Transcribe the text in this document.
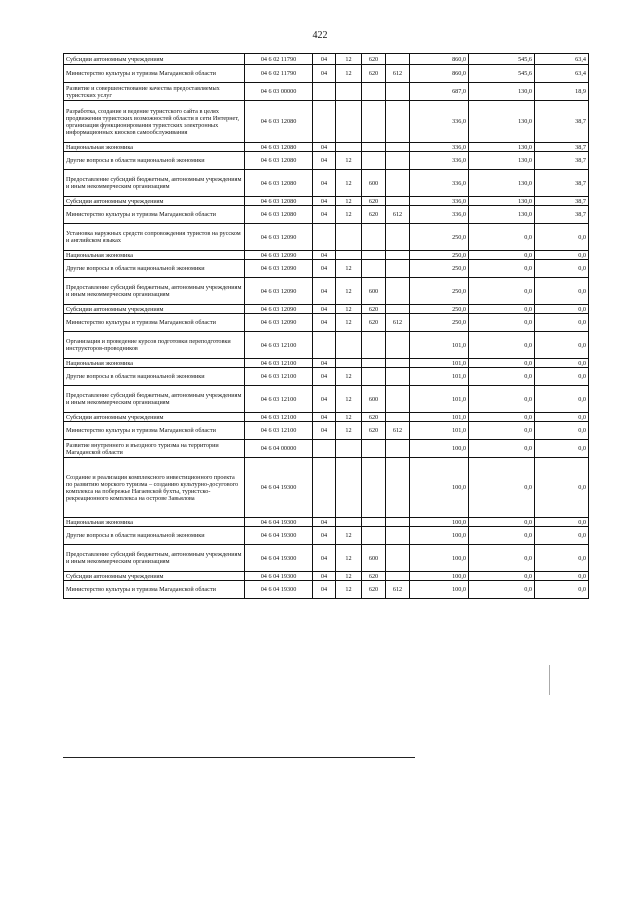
422
Субсидии автономным учреждениям	04 6 02 11790	04	12	620		860,0	545,6	63,4
Министерство культуры и туризма Магаданской области	04 6 02 11790	04	12	620	612	860,0	545,6	63,4
Развитие и совершенствование качества предоставляемых туристских услуг	04 6 03 00000					687,0	130,0	18,9
Разработка, создание и ведение туристского сайта в целях продвижения туристских возможностей области в сети Интернет, организация функционирования туристских электронных информационных киосков самообслуживания	04 6 03 12080					336,0	130,0	38,7
Национальная экономика	04 6 03 12080	04				336,0	130,0	38,7
Другие вопросы в области национальной экономики	04 6 03 12080	04	12			336,0	130,0	38,7
Предоставление субсидий бюджетным, автономным учреждениям и иным некоммерческим организациям	04 6 03 12080	04	12	600		336,0	130,0	38,7
Субсидии автономным учреждениям	04 6 03 12080	04	12	620		336,0	130,0	38,7
Министерство культуры и туризма Магаданской области	04 6 03 12080	04	12	620	612	336,0	130,0	38,7
Установка наружных средств сопровождения туристов на русском и английском языках	04 6 03 12090					250,0	0,0	0,0
Национальная экономика	04 6 03 12090	04				250,0	0,0	0,0
Другие вопросы в области национальной экономики	04 6 03 12090	04	12			250,0	0,0	0,0
Предоставление субсидий бюджетным, автономным учреждениям и иным некоммерческим организациям	04 6 03 12090	04	12	600		250,0	0,0	0,0
Субсидии автономным учреждениям	04 6 03 12090	04	12	620		250,0	0,0	0,0
Министерство культуры и туризма Магаданской области	04 6 03 12090	04	12	620	612	250,0	0,0	0,0
Организация и проведение курсов подготовки переподготовки инструкторов-проводников	04 6 03 12100					101,0	0,0	0,0
Национальная экономика	04 6 03 12100	04				101,0	0,0	0,0
Другие вопросы в области национальной экономики	04 6 03 12100	04	12			101,0	0,0	0,0
Предоставление субсидий бюджетным, автономным учреждениям и иным некоммерческим организациям	04 6 03 12100	04	12	600		101,0	0,0	0,0
Субсидии автономным учреждениям	04 6 03 12100	04	12	620		101,0	0,0	0,0
Министерство культуры и туризма Магаданской области	04 6 03 12100	04	12	620	612	101,0	0,0	0,0
Развитие внутреннего и въездного туризма на территории Магаданской области	04 6 04 00000					100,0	0,0	0,0
Создание и реализация комплексного инвестиционного проекта по развитию морского туризма – созданию культурно-досугового комплекса на побережье Нагаевской бухты, туристско-рекреационного комплекса на острове Завьялова	04 6 04 19300					100,0	0,0	0,0
Национальная экономика	04 6 04 19300	04				100,0	0,0	0,0
Другие вопросы в области национальной экономики	04 6 04 19300	04	12			100,0	0,0	0,0
Предоставление субсидий бюджетным, автономным учреждениям и иным некоммерческим организациям	04 6 04 19300	04	12	600		100,0	0,0	0,0
Субсидии автономным учреждениям	04 6 04 19300	04	12	620		100,0	0,0	0,0
Министерство культуры и туризма Магаданской области	04 6 04 19300	04	12	620	612	100,0	0,0	0,0
